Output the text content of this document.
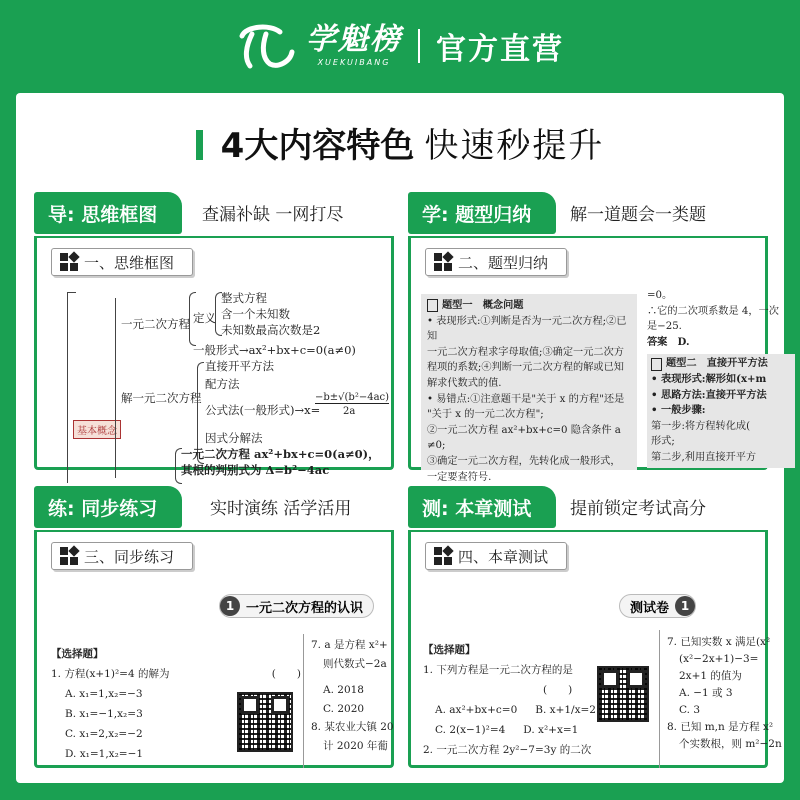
学魁榜
XUEKUIBANG 官方直营
4大内容特色 快速秒提升
导: 思维框图	查漏补缺 一网打尽
一、思维框图
基本概念
一元二次方程 定义
整式方程
含一个未知数
未知数最高次数是2
一般形式→ax²+bx+c=0(a≠0)
解一元二次方程
直接开平方法
配方法
公式法(一般形式)→x=
−b±√(b²−4ac)
2a
因式分解法
一元二次方程 ax²+bx+c=0(a≠0)，
其根的判别式为 Δ=b²−4ac
学: 题型归纳	解一道题会一类题
二、题型归纳
题型一　概念问题
• 表现形式:①判断是否为一元二次方程;②已知
一元二次方程求字母取值;③确定一元二次方
程项的系数;④判断一元二次方程的解或已知
解求代数式的值.
• 易错点:①注意题干是"关于 x 的方程"还是
"关于 x 的一元二次方程";
②一元二次方程 ax²+bx+c=0 隐含条件 a
≠0;
③确定一元二次方程，先转化成一般形式，
一定要查符号.
=0。
∴它的二次项系数是 4，一次
是−25.
答案　D.
题型二　直接开平方法
• 表现形式:解形如(x+m
• 思路方法:直接开平方法
• 一般步骤:
第一步:将方程转化成(
形式;
第二步,利用直接开平方
练: 同步练习	实时演练 活学活用
三、同步练习
1 一元二次方程的认识
【选择题】
1. 方程(x+1)²=4 的解为	(　　)
A. x₁=1,x₂=−3
B. x₁=−1,x₂=3
C. x₁=2,x₂=−2
D. x₁=1,x₂=−1
7. a 是方程 x²+
则代数式−2a
A. 2018
C. 2020
8. 某农业大镇 20
计 2020 年葡
测: 本章测试	提前锁定考试高分
四、本章测试
测试卷 1
【选择题】
1. 下列方程是一元二次方程的是
(　　)
A. ax²+bx+c=0 B. x+1/x=2
C. 2(x−1)²=4 D. x²+x=1
2. 一元二次方程 2y²−7=3y 的二次
7. 已知实数 x 满足(x²
(x²−2x+1)−3=
2x+1 的值为
A. −1 或 3
C. 3
8. 已知 m,n 是方程 x²
个实数根，则 m²−2n
